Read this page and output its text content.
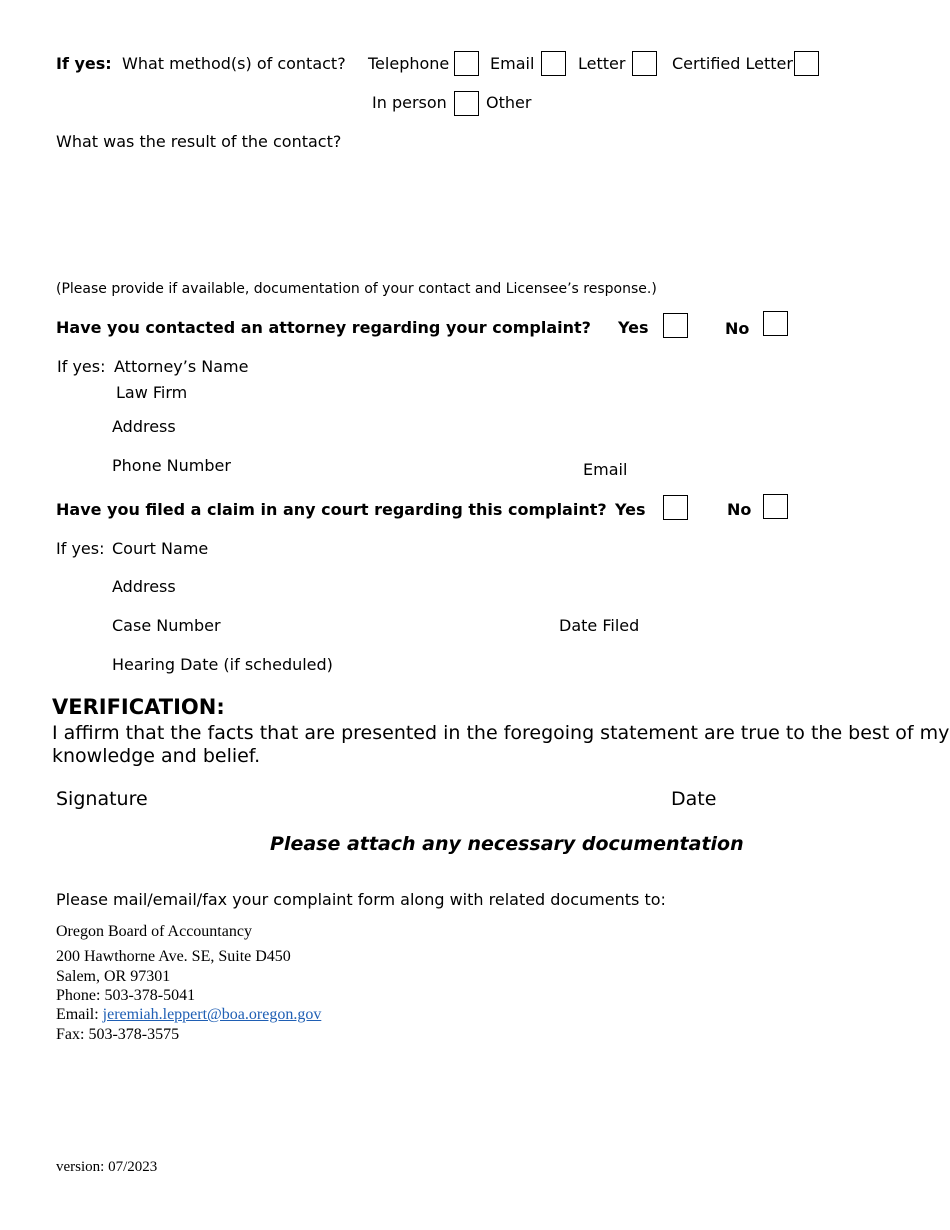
If yes: What method(s) of contact? Telephone	Email	Letter	Certified Letter
In person Other
What was the result of the contact?
(Please provide if available, documentation of your contact and Licensee’s response.)
Have you contacted an attorney regarding your complaint? Yes	No
If yes: Attorney’s Name
Law Firm
Address
Phone Number	Email
Have you filed a claim in any court regarding this complaint? Yes	No
If yes: Court Name
Address
Case Number	Date Filed
Hearing Date (if scheduled)
VERIFICATION:
I affirm that the facts that are presented in the foregoing statement are true to the best of my
knowledge and belief.
Signature	Date
Please attach any necessary documentation
Please mail/email/fax your complaint form along with related documents to:
Oregon Board of Accountancy
200 Hawthorne Ave. SE, Suite D450
Salem, OR 97301
Phone: 503-378-5041
Email: jeremiah.leppert@boa.oregon.gov
Fax: 503-378-3575
version: 07/2023
